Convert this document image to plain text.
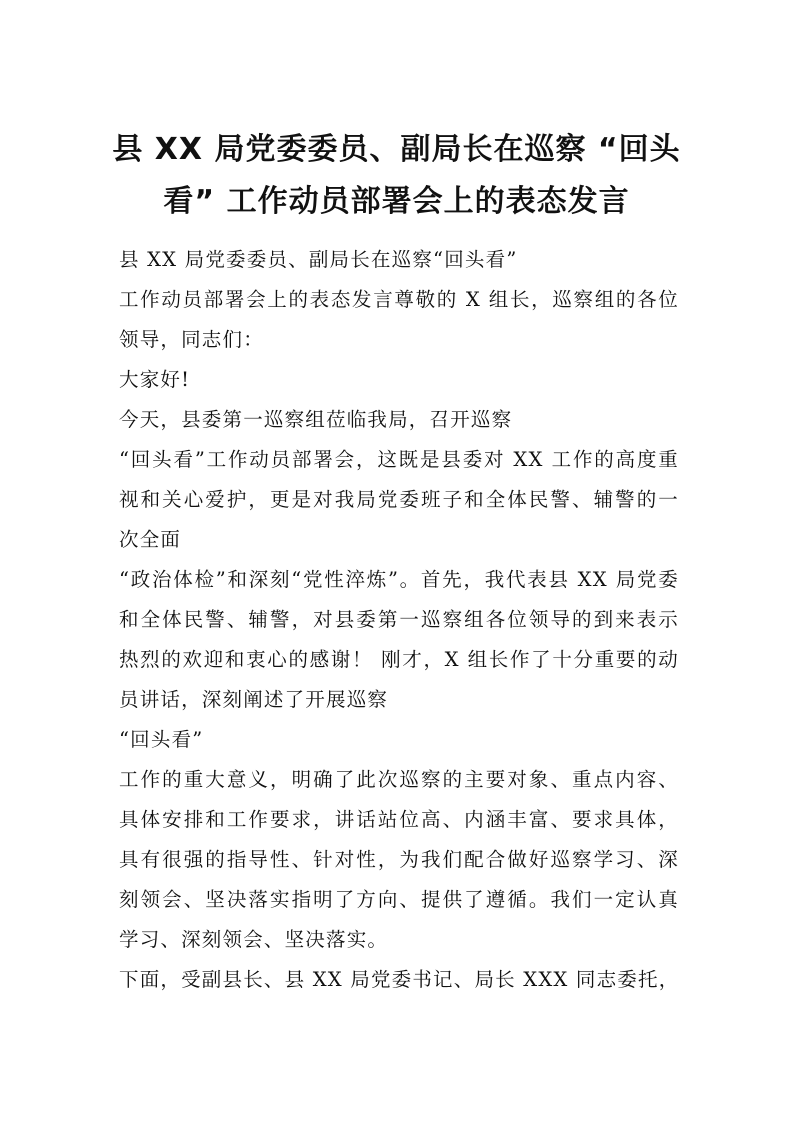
县 XX 局党委委员、副局长在巡察 “回头
看” 工作动员部署会上的表态发言
县 XX 局党委委员、副局长在巡察“回头看”
工作动员部署会上的表态发言尊敬的 X 组长，巡察组的各位
领导，同志们：
大家好!
今天，县委第一巡察组莅临我局，召开巡察
“回头看”工作动员部署会，这既是县委对 XX 工作的高度重
视和关心爱护，更是对我局党委班子和全体民警、辅警的一
次全面
“政治体检”和深刻“党性淬炼”。首先，我代表县 XX 局党委
和全体民警、辅警，对县委第一巡察组各位领导的到来表示
热烈的欢迎和衷心的感谢！ 刚才，X 组长作了十分重要的动
员讲话，深刻阐述了开展巡察
“回头看”
工作的重大意义，明确了此次巡察的主要对象、重点内容、
具体安排和工作要求，讲话站位高、内涵丰富、要求具体，
具有很强的指导性、针对性，为我们配合做好巡察学习、深
刻领会、坚决落实指明了方向、提供了遵循。我们一定认真
学习、深刻领会、坚决落实。
下面，受副县长、县 XX 局党委书记、局长 XXX 同志委托，
